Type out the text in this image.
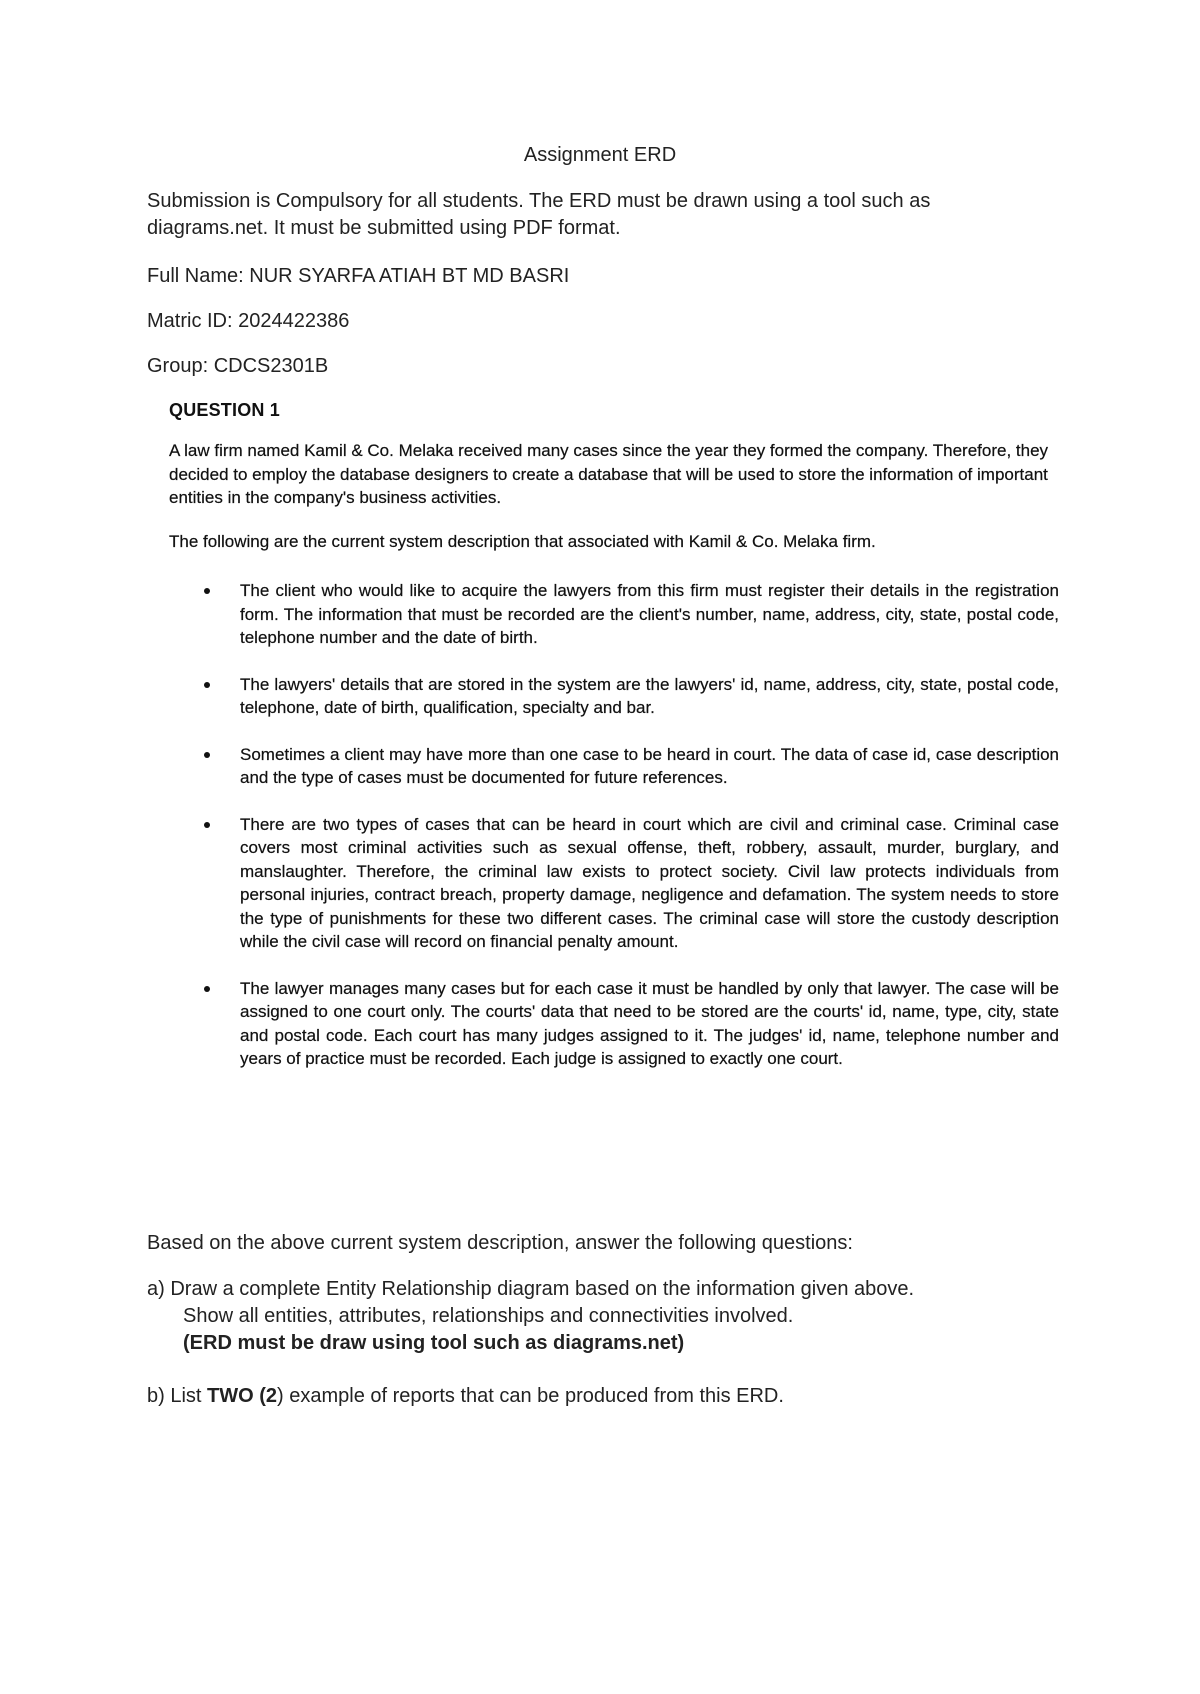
Assignment ERD
Submission is Compulsory for all students. The ERD must be drawn using a tool such as diagrams.net. It must be submitted using PDF format.
Full Name: NUR SYARFA ATIAH BT MD BASRI
Matric ID: 2024422386
Group: CDCS2301B
QUESTION 1

A law firm named Kamil & Co. Melaka received many cases since the year they formed the company. Therefore, they decided to employ the database designers to create a database that will be used to store the information of important entities in the company's business activities.

The following are the current system description that associated with Kamil & Co. Melaka firm.

The client who would like to acquire the lawyers from this firm must register their details in the registration form. The information that must be recorded are the client's number, name, address, city, state, postal code, telephone number and the date of birth.
The lawyers' details that are stored in the system are the lawyers' id, name, address, city, state, postal code, telephone, date of birth, qualification, specialty and bar.
Sometimes a client may have more than one case to be heard in court. The data of case id, case description and the type of cases must be documented for future references.
There are two types of cases that can be heard in court which are civil and criminal case. Criminal case covers most criminal activities such as sexual offense, theft, robbery, assault, murder, burglary, and manslaughter. Therefore, the criminal law exists to protect society. Civil law protects individuals from personal injuries, contract breach, property damage, negligence and defamation. The system needs to store the type of punishments for these two different cases. The criminal case will store the custody description while the civil case will record on financial penalty amount.
The lawyer manages many cases but for each case it must be handled by only that lawyer. The case will be assigned to one court only. The courts' data that need to be stored are the courts' id, name, type, city, state and postal code. Each court has many judges assigned to it. The judges' id, name, telephone number and years of practice must be recorded. Each judge is assigned to exactly one court.
Based on the above current system description, answer the following questions:
a) Draw a complete Entity Relationship diagram based on the information given above.
Show all entities, attributes, relationships and connectivities involved.
(ERD must be draw using tool such as diagrams.net)
b) List TWO (2) example of reports that can be produced from this ERD.
